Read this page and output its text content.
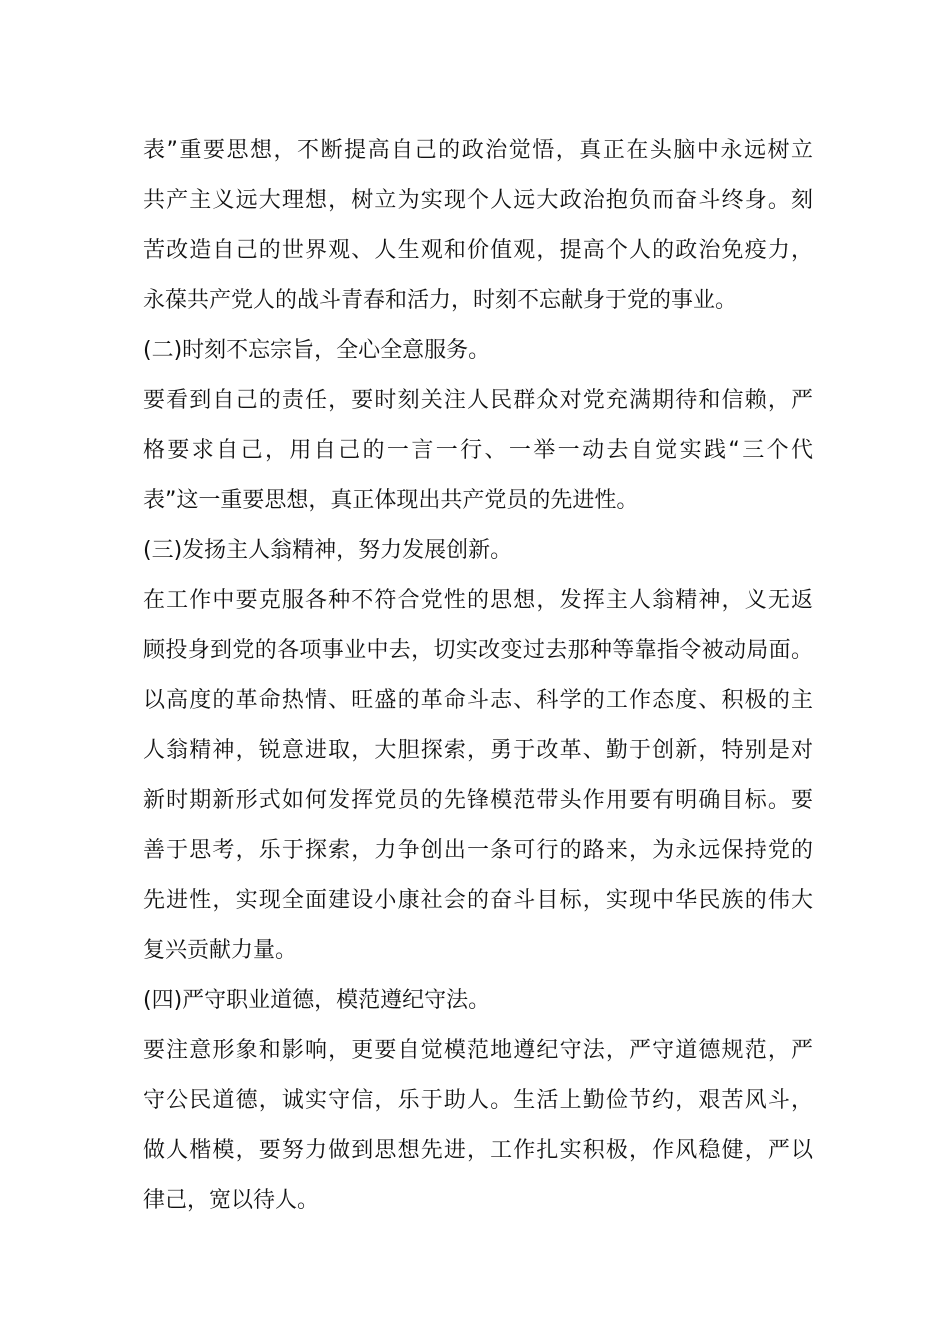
表”重要思想，不断提高自己的政治觉悟，真正在头脑中永远树立
共产主义远大理想，树立为实现个人远大政治抱负而奋斗终身。刻
苦改造自己的世界观、人生观和价值观，提高个人的政治免疫力，
永葆共产党人的战斗青春和活力，时刻不忘献身于党的事业。
(二)时刻不忘宗旨，全心全意服务。
要看到自己的责任，要时刻关注人民群众对党充满期待和信赖，严
格要求自己，用自己的一言一行、一举一动去自觉实践“三个代
表”这一重要思想，真正体现出共产党员的先进性。
(三)发扬主人翁精神，努力发展创新。
在工作中要克服各种不符合党性的思想，发挥主人翁精神，义无返
顾投身到党的各项事业中去，切实改变过去那种等靠指令被动局面。
以高度的革命热情、旺盛的革命斗志、科学的工作态度、积极的主
人翁精神，锐意进取，大胆探索，勇于改革、勤于创新，特别是对
新时期新形式如何发挥党员的先锋模范带头作用要有明确目标。要
善于思考，乐于探索，力争创出一条可行的路来，为永远保持党的
先进性，实现全面建设小康社会的奋斗目标，实现中华民族的伟大
复兴贡献力量。
(四)严守职业道德，模范遵纪守法。
要注意形象和影响，更要自觉模范地遵纪守法，严守道德规范，严
守公民道德，诚实守信，乐于助人。生活上勤俭节约，艰苦风斗，
做人楷模，要努力做到思想先进，工作扎实积极，作风稳健，严以
律己，宽以待人。
